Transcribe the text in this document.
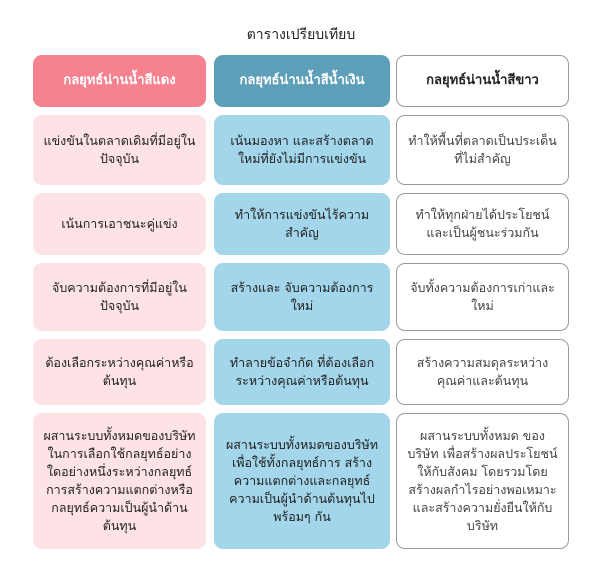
ตารางเปรียบเทียบ
กลยุทธ์น่านน้ำสีแดง	กลยุทธ์น่านน้ำสีน้ำเงิน	กลยุทธ์น่านน้ำสีขาว
แข่งขันในตลาดเดิมที่มีอยู่ในปัจจุบัน
เน้นมองหา และสร้างตลาดใหม่ที่ยังไม่มีการแข่งขัน
ทำให้พื้นที่ตลาดเป็นประเด็นที่ไม่สำคัญ
เน้นการเอาชนะคู่แข่ง
ทำให้การแข่งขันไร้ความสำคัญ
ทำให้ทุกฝ่ายได้ประโยชน์และเป็นผู้ชนะร่วมกัน
จับความต้องการที่มีอยู่ในปัจจุบัน
สร้างและ จับความต้องการใหม่
จับทั้งความต้องการเก่าและใหม่
ต้องเลือกระหว่างคุณค่าหรือต้นทุน
ทำลายข้อจำกัด ที่ต้องเลือกระหว่างคุณค่าหรือต้นทุน
สร้างความสมดุลระหว่างคุณค่าและต้นทุน
ผสานระบบทั้งหมดของบริษัทในการเลือกใช้กลยุทธ์อย่างใดอย่างหนึ่งระหว่างกลยุทธ์การสร้างความแตกต่างหรือกลยุทธ์ความเป็นผู้นำด้านต้นทุน
ผสานระบบทั้งหมดของบริษัทเพื่อใช้ทั้งกลยุทธ์การ สร้างความแตกต่างและกลยุทธ์ความเป็นผู้นำด้านต้นทุนไปพร้อมๆ กัน
ผสานระบบทั้งหมด ของบริษัท เพื่อสร้างผลประโยชน์ให้กับสังคม โดยรวมโดยสร้างผลกำไรอย่างพอเหมาะและสร้างความยั่งยืนให้กับบริษัท
